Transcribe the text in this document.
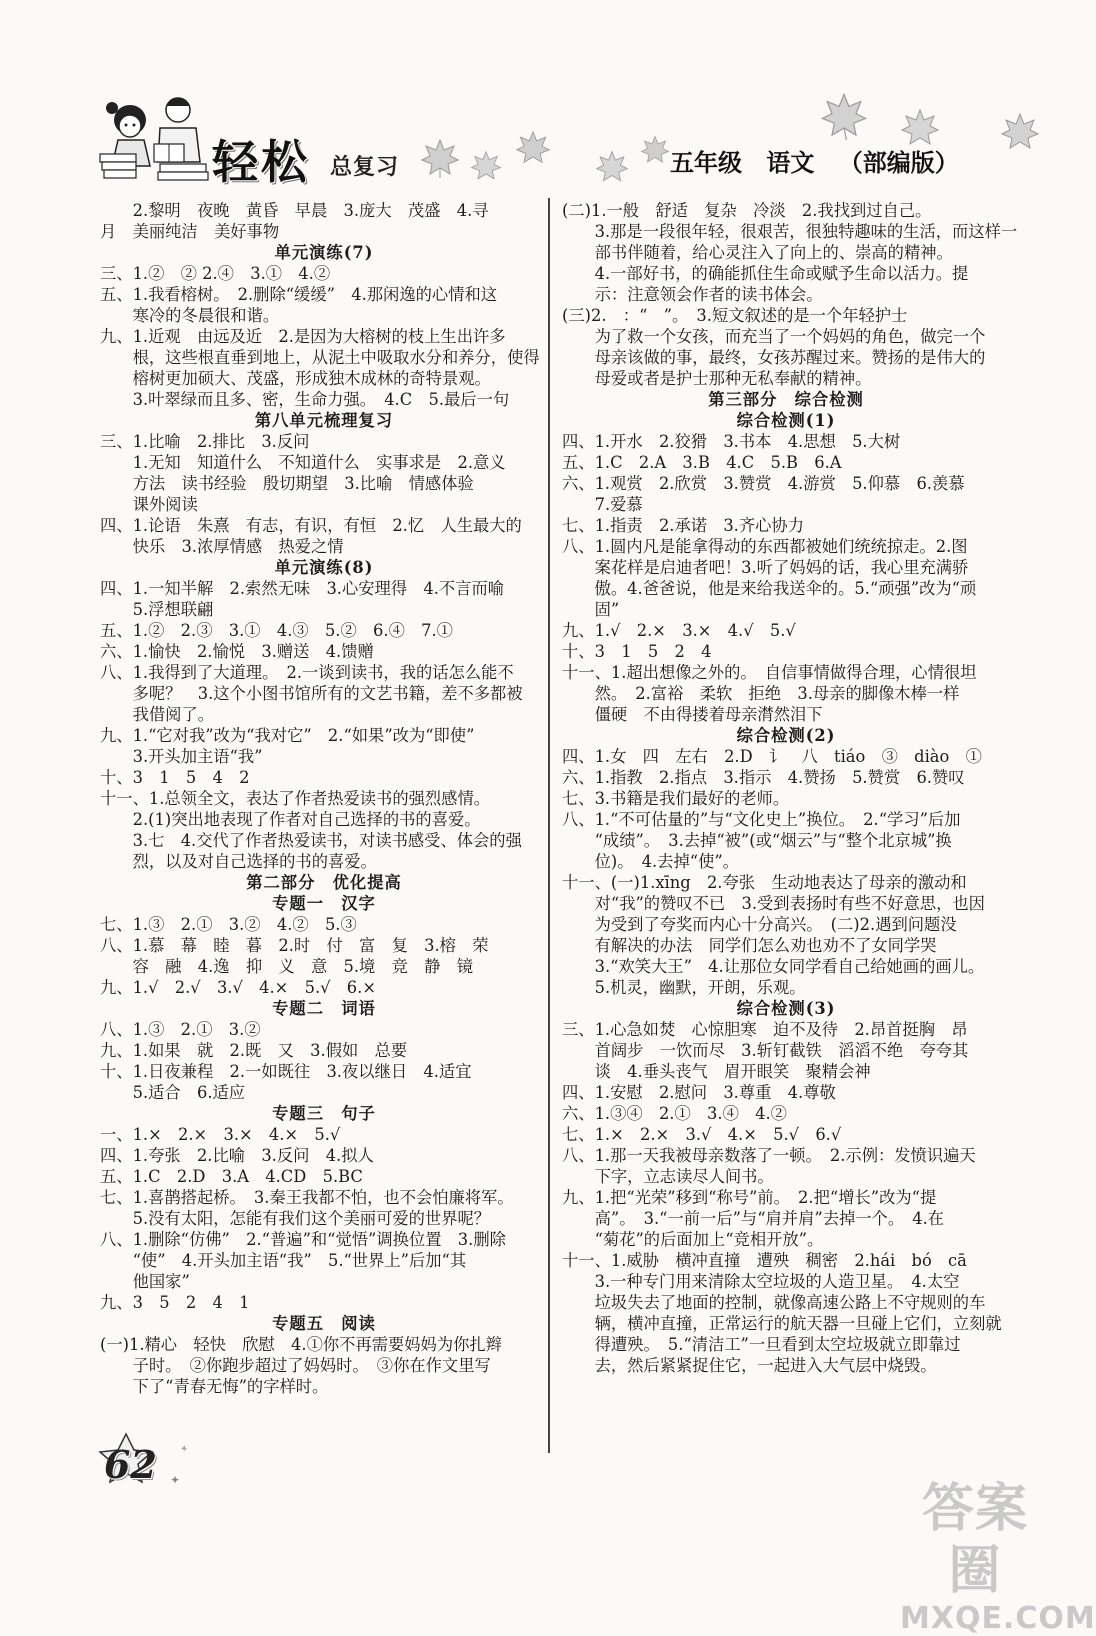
轻松 总复习	五年级 语文 （部编版）
2.黎明　夜晚　黄昏　早晨　3.庞大　茂盛　4.寻
月　美丽纯洁　美好事物
单元演练(7)
三、1.②　② 2.④　3.①　4.②
五、1.我看榕树。　2.删除“缓缓”　4.那闲逸的心情和这
寒冷的冬晨很和谐。
九、1.近观　由远及近　2.是因为大榕树的枝上生出许多
根，这些根直垂到地上，从泥土中吸取水分和养分，使得
榕树更加硕大、茂盛，形成独木成林的奇特景观。
3.叶翠绿而且多、密，生命力强。　4.C　5.最后一句
第八单元梳理复习
三、1.比喻　2.排比　3.反问
1.无知　知道什么　不知道什么　实事求是　2.意义
方法　读书经验　殷切期望　3.比喻　情感体验
课外阅读
四、1.论语　朱熹　有志，有识，有恒　2.忆　人生最大的
快乐　3.浓厚情感　热爱之情
单元演练(8)
四、1.一知半解　2.索然无味　3.心安理得　4.不言而喻
5.浮想联翩
五、1.②　2.③　3.①　4.③　5.②　6.④　7.①
六、1.愉快　2.愉悦　3.赠送　4.馈赠
八、1.我得到了大道理。　2.一谈到读书，我的话怎么能不
多呢？　3.这个小图书馆所有的文艺书籍，差不多都被
我借阅了。
九、1.“它对我”改为“我对它”　2.“如果”改为“即使”
3.开头加主语“我”
十、3　1　5　4　2
十一、1.总领全文，表达了作者热爱读书的强烈感情。
2.(1)突出地表现了作者对自己选择的书的喜爱。
3.七　4.交代了作者热爱读书，对读书感受、体会的强
烈，以及对自己选择的书的喜爱。
第二部分　优化提高
专题一　汉字
七、1.③　2.①　3.②　4.②　5.③
八、1.慕　幕　睦　暮　2.时　付　富　复　3.榕　荣
容　融　4.逸　抑　义　意　5.境　竞　静　镜
九、1.√　2.√　3.√　4.×　5.√　6.×
专题二　词语
八、1.③　2.①　3.②
九、1.如果　就　2.既　又　3.假如　总要
十、1.日夜兼程　2.一如既往　3.夜以继日　4.适宜
5.适合　6.适应
专题三　句子
一、1.×　2.×　3.×　4.×　5.√
四、1.夸张　2.比喻　3.反问　4.拟人
五、1.C　2.D　3.A　4.CD　5.BC
七、1.喜鹊搭起桥。　3.秦王我都不怕，也不会怕廉将军。
5.没有太阳，怎能有我们这个美丽可爱的世界呢？
八、1.删除“仿佛”　2.“普遍”和“觉悟”调换位置　3.删除
“使”　4.开头加主语“我”　5.“世界上”后加“其
他国家”
九、3　5　2　4　1
专题五　阅读
(一)1.精心　轻快　欣慰　4.①你不再需要妈妈为你扎辫
子时。　②你跑步超过了妈妈时。　③你在作文里写
下了“青春无悔”的字样时。
(二)1.一般　舒适　复杂　冷淡　2.我找到过自己。
3.那是一段很年轻，很艰苦，很独特趣味的生活，而这样一
部书伴随着，给心灵注入了向上的、崇高的精神。
4.一部好书，的确能抓住生命或赋予生命以活力。提
示：注意领会作者的读书体会。
(三)2.　：“　”。　3.短文叙述的是一个年轻护士
为了救一个女孩，而充当了一个妈妈的角色，做完一个
母亲该做的事，最终，女孩苏醒过来。赞扬的是伟大的
母爱或者是护士那种无私奉献的精神。
第三部分　综合检测
综合检测(1)
四、1.开水　2.狡猾　3.书本　4.思想　5.大树
五、1.C　2.A　3.B　4.C　5.B　6.A
六、1.观赏　2.欣赏　3.赞赏　4.游赏　5.仰慕　6.羡慕
7.爱慕
七、1.指责　2.承诺　3.齐心协力
八、1.圆内凡是能拿得动的东西都被她们统统掠走。2.图
案花样是启迪者吧！3.听了妈妈的话，我心里充满骄
傲。4.爸爸说，他是来给我送伞的。5.“顽强”改为“顽
固”
九、1.√　2.×　3.×　4.√　5.√
十、3　1　5　2　4
十一、1.超出想像之外的。　自信事情做得合理，心情很坦
然。　2.富裕　柔软　拒绝　3.母亲的脚像木棒一样
僵硬　不由得搂着母亲潸然泪下
综合检测(2)
四、1.女　四　左右　2.D　讠　八　tiáo　③　diào　①
六、1.指教　2.指点　3.指示　4.赞扬　5.赞赏　6.赞叹
七、3.书籍是我们最好的老师。
八、1.“不可估量的”与“文化史上”换位。　2.“学习”后加
“成绩”。　3.去掉“被”(或“烟云”与“整个北京城”换
位)。　4.去掉“使”。
十一、(一)1.xīng　2.夸张　生动地表达了母亲的激动和
对“我”的赞叹不已　3.受到表扬时有些不好意思，也因
为受到了夸奖而内心十分高兴。　(二)2.遇到问题没
有解决的办法　同学们怎么劝也劝不了女同学哭
3.“欢笑大王”　4.让那位女同学看自己给她画的画儿。
5.机灵，幽默，开朗，乐观。
综合检测(3)
三、1.心急如焚　心惊胆寒　迫不及待　2.昂首挺胸　昂
首阔步　一饮而尽　3.斩钉截铁　滔滔不绝　夸夸其
谈　4.垂头丧气　眉开眼笑　聚精会神
四、1.安慰　2.慰问　3.尊重　4.尊敬
六、1.③④　2.①　3.④　4.②
七、1.×　2.×　3.√　4.×　5.√　6.√
八、1.那一天我被母亲数落了一顿。　2.示例：发愤识遍天
下字，立志读尽人间书。
九、1.把“光荣”移到“称号”前。　2.把“增长”改为“提
高”。　3.“一前一后”与“肩并肩”去掉一个。　4.在
“菊花”的后面加上“竞相开放”。
十一、1.威胁　横冲直撞　遭殃　稠密　2.hái　bó　cā
3.一种专门用来清除太空垃圾的人造卫星。　4.太空
垃圾失去了地面的控制，就像高速公路上不守规则的车
辆，横冲直撞，正常运行的航天器一旦碰上它们，立刻就
得遭殃。　5.“清洁工”一旦看到太空垃圾就立即靠过
去，然后紧紧捉住它，一起进入大气层中烧毁。
✦
✦
62
答案圈
MXQE.COM
